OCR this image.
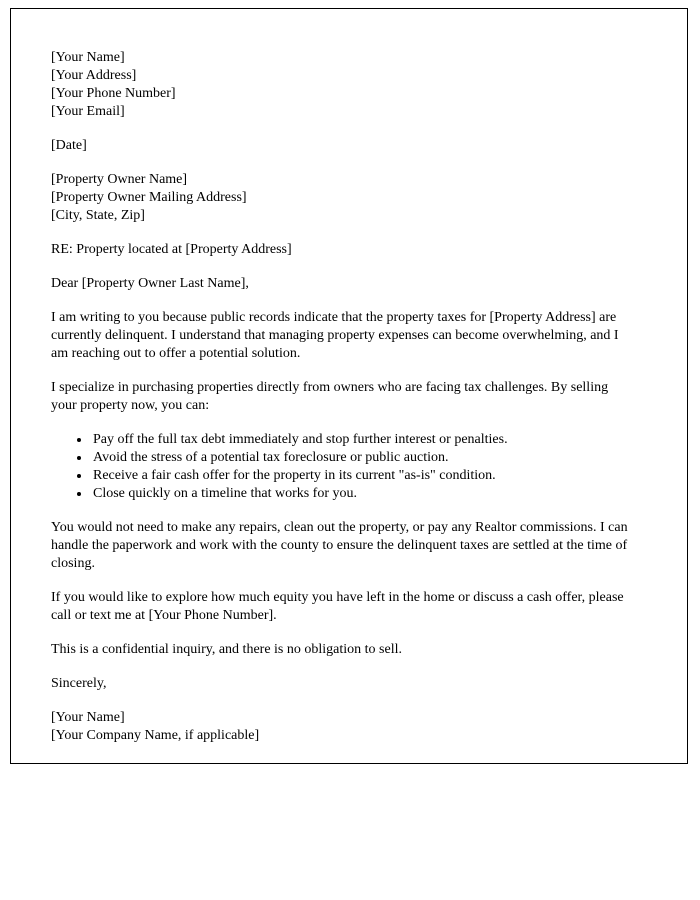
[Your Name]
[Your Address]
[Your Phone Number]
[Your Email]
[Date]
[Property Owner Name]
[Property Owner Mailing Address]
[City, State, Zip]
RE: Property located at [Property Address]
Dear [Property Owner Last Name],

I am writing to you because public records indicate that the property taxes for [Property Address] are currently delinquent. I understand that managing property expenses can become overwhelming, and I am reaching out to offer a potential solution.

I specialize in purchasing properties directly from owners who are facing tax challenges. By selling your property now, you can:

• Pay off the full tax debt immediately and stop further interest or penalties.
• Avoid the stress of a potential tax foreclosure or public auction.
• Receive a fair cash offer for the property in its current "as-is" condition.
• Close quickly on a timeline that works for you.

You would not need to make any repairs, clean out the property, or pay any Realtor commissions. I can handle the paperwork and work with the county to ensure the delinquent taxes are settled at the time of closing.

If you would like to explore how much equity you have left in the home or discuss a cash offer, please call or text me at [Your Phone Number].

This is a confidential inquiry, and there is no obligation to sell.

Sincerely,
[Your Name]
[Your Company Name, if applicable]
